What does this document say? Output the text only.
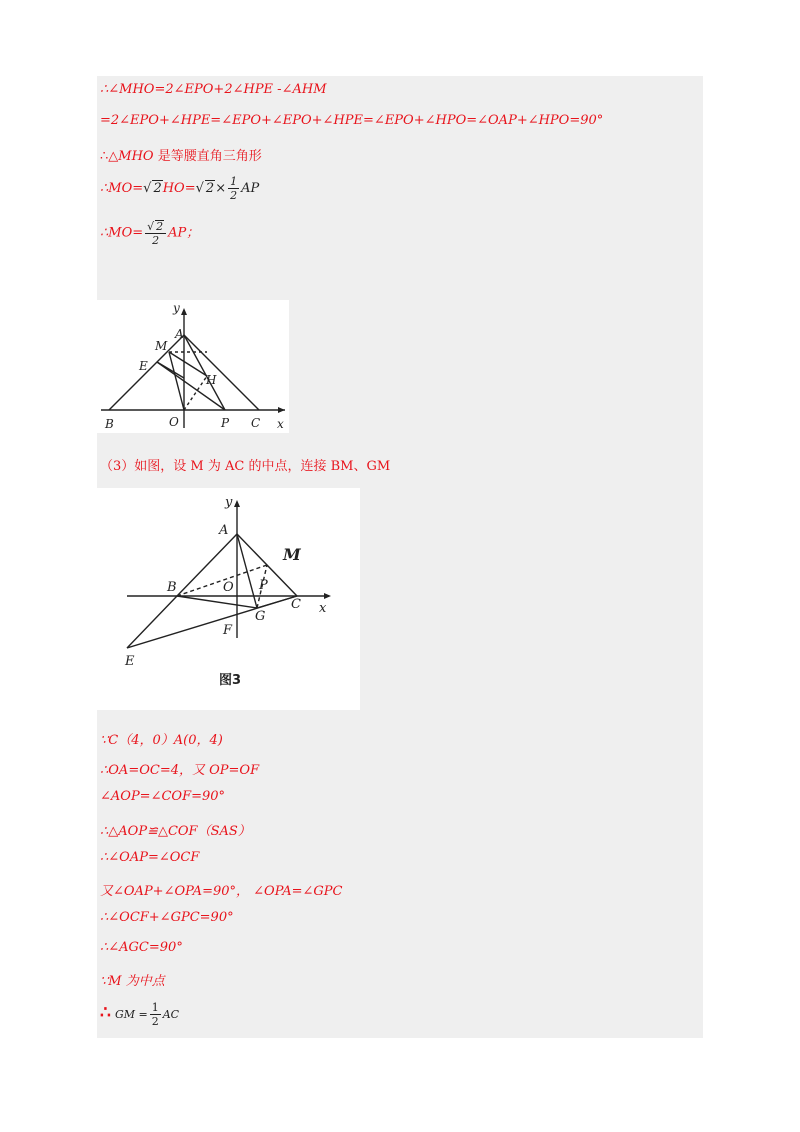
∴∠MHO=2∠EPO+2∠HPE -∠AHM
=2∠EPO+∠HPE=∠EPO+∠EPO+∠HPE=∠EPO+∠HPO=∠OAP+∠HPO=90°
∴△MHO 是等腰直角三角形
∴MO=√ 2HO=√ $2\times \frac{1}{2}$ AP
∴MO= $\frac{√ 2}{2}$ AP；
y
A
M
E
H
B	O	P C x
（3）如图，设 M 为 AC 的中点，连接 BM、GM
y
A
M
B	O P
C x
G
F
E
图3
∵C（4，0）A(0，4)
∴OA=OC=4，又 OP=OF
∠AOP=∠COF=90°
∴△AOP≌△COF（SAS）
∴∠OAP=∠OCF
又∠OAP+∠OPA=90°， ∠OPA=∠GPC
∴∠OCF+∠GPC=90°
∴∠AGC=90°
∵M 为中点
∴ GM = $\frac{1}{2}$ AC
